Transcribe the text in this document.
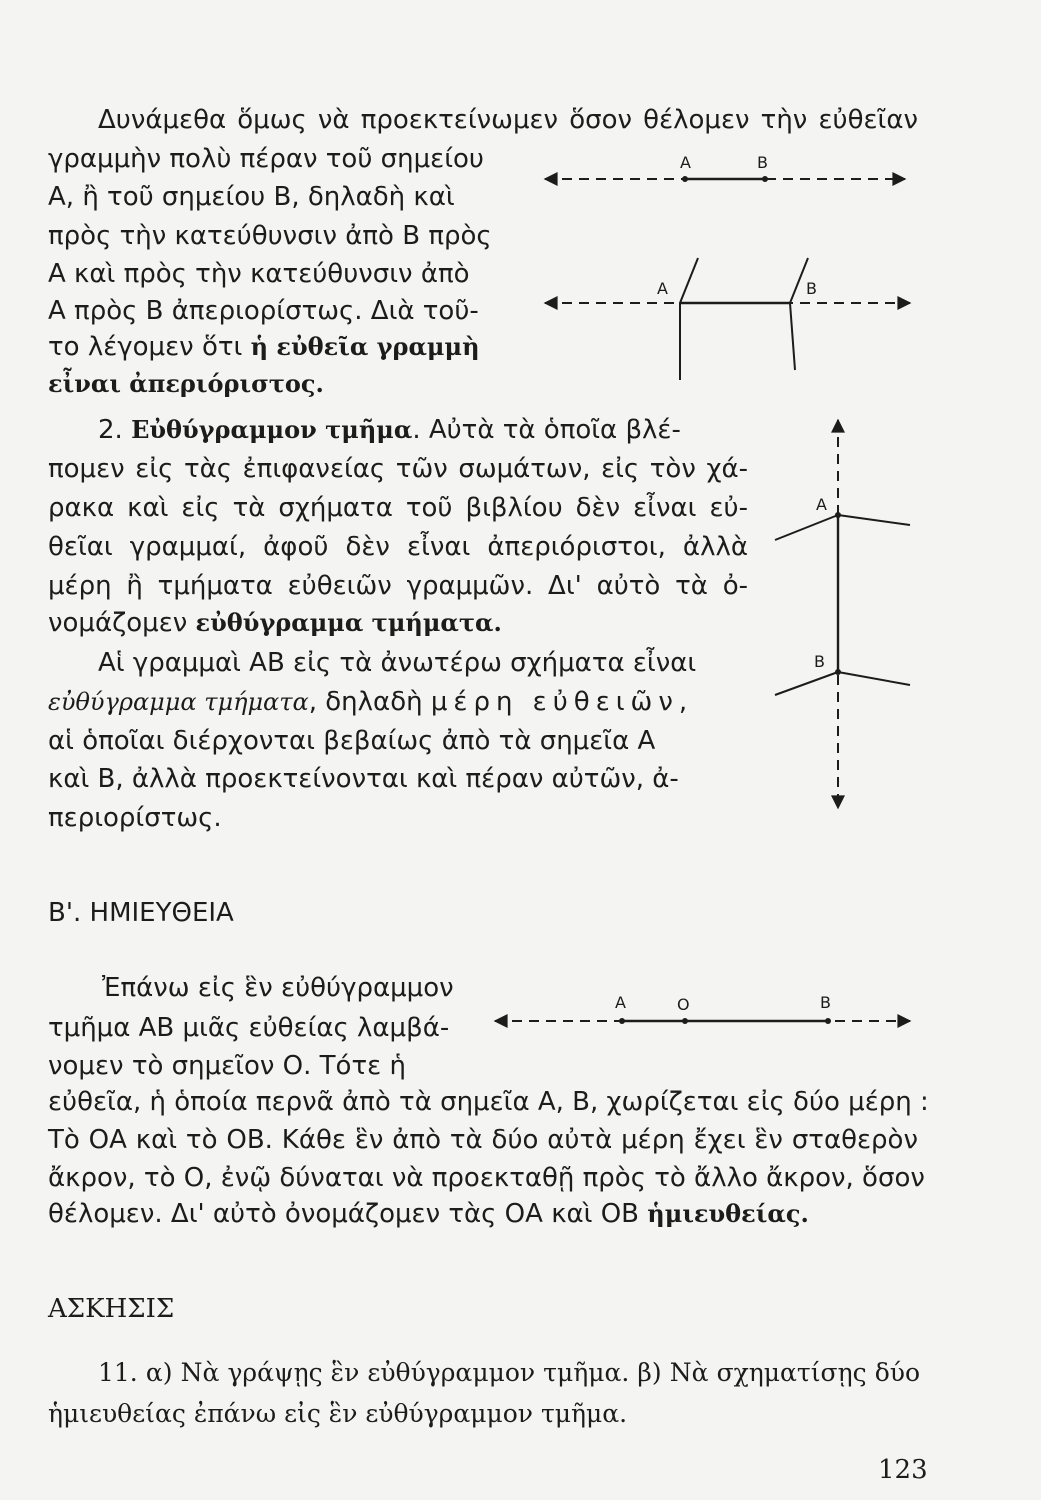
Δυνάμεθα ὅμως νὰ προεκτείνωμεν ὅσον θέλομεν τὴν εὐθεῖαν
γραμμὴν πολὺ πέραν τοῦ σημείου
Α, ἢ τοῦ σημείου Β, δηλαδὴ καὶ
πρὸς τὴν κατεύθυνσιν ἀπὸ Β πρὸς
Α καὶ πρὸς τὴν κατεύθυνσιν ἀπὸ
Α πρὸς Β ἀπεριορίστως. Διὰ τοῦ-
το λέγομεν ὅτι ἡ εὐθεῖα γραμμὴ
εἶναι ἀπεριόριστος.
2. Εὐθύγραμμον τμῆμα. Αὐτὰ τὰ ὁποῖα βλέ-
πομεν εἰς τὰς ἐπιφανείας τῶν σωμάτων, εἰς τὸν χά-
ρακα καὶ εἰς τὰ σχήματα τοῦ βιβλίου δὲν εἶναι εὐ-
θεῖαι γραμμαί, ἀφοῦ δὲν εἶναι ἀπεριόριστοι, ἀλλὰ
μέρη ἢ τμήματα εὐθειῶν γραμμῶν. Δι' αὐτὸ τὰ ὀ-
νομάζομεν εὐθύγραμμα τμήματα.
Αἱ γραμμαὶ ΑΒ εἰς τὰ ἀνωτέρω σχήματα εἶναι
εὐθύγραμμα τμήματα, δηλαδὴ μέρη εὐθειῶν,
αἱ ὁποῖαι διέρχονται βεβαίως ἀπὸ τὰ σημεῖα Α
καὶ Β, ἀλλὰ προεκτείνονται καὶ πέραν αὐτῶν, ἀ-
περιορίστως.
Β'. ΗΜΙΕΥΘΕΙΑ
Ἐπάνω εἰς ἓν εὐθύγραμμον
τμῆμα ΑΒ μιᾶς εὐθείας λαμβά-
νομεν τὸ σημεῖον Ο. Τότε ἡ
εὐθεῖα, ἡ ὁποία περνᾶ ἀπὸ τὰ σημεῖα Α, Β, χωρίζεται εἰς δύο μέρη :
Τὸ ΟΑ καὶ τὸ ΟΒ. Κάθε ἓν ἀπὸ τὰ δύο αὐτὰ μέρη ἔχει ἓν σταθερὸν
ἄκρον, τὸ Ο, ἐνῷ δύναται νὰ προεκταθῇ πρὸς τὸ ἄλλο ἄκρον, ὅσον
θέλομεν. Δι' αὐτὸ ὀνομάζομεν τὰς ΟΑ καὶ ΟΒ ἡμιευθείας.
ΑΣΚΗΣΙΣ
11. α) Νὰ γράψῃς ἓν εὐθύγραμμον τμῆμα. β) Νὰ σχηματίσῃς δύο
ἡμιευθείας ἐπάνω εἰς ἓν εὐθύγραμμον τμῆμα.
123
Α	Β
Α	Β
Α
Β
Α	Ο	Β
